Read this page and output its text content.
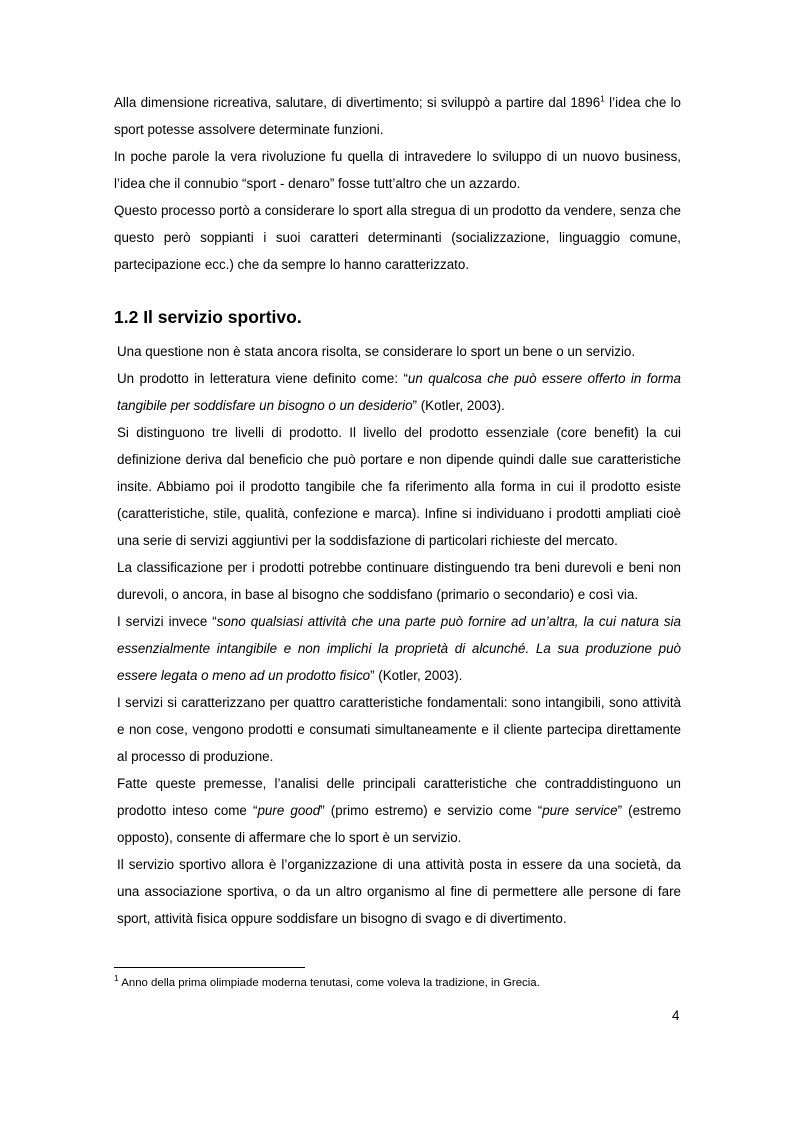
Alla dimensione ricreativa, salutare, di divertimento; si sviluppò a partire dal 1896$^1$ l’idea che lo sport potesse assolvere determinate funzioni.

In poche parole la vera rivoluzione fu quella di intravedere lo sviluppo di un nuovo business, l’idea che il connubio “sport - denaro” fosse tutt’altro che un azzardo.

Questo processo portò a considerare lo sport alla stregua di un prodotto da vendere, senza che questo però soppianti i suoi caratteri determinanti (socializzazione, linguaggio comune, partecipazione ecc.) che da sempre lo hanno caratterizzato.

1.2 Il servizio sportivo.

Una questione non è stata ancora risolta, se considerare lo sport un bene o un servizio.

Un prodotto in letteratura viene definito come: “un qualcosa che può essere offerto in forma tangibile per soddisfare un bisogno o un desiderio” (Kotler, 2003).

Si distinguono tre livelli di prodotto. Il livello del prodotto essenziale (core benefit) la cui definizione deriva dal beneficio che può portare e non dipende quindi dalle sue caratteristiche insite. Abbiamo poi il prodotto tangibile che fa riferimento alla forma in cui il prodotto esiste (caratteristiche, stile, qualità, confezione e marca). Infine si individuano i prodotti ampliati cioè una serie di servizi aggiuntivi per la soddisfazione di particolari richieste del mercato.

La classificazione per i prodotti potrebbe continuare distinguendo tra beni durevoli e beni non durevoli, o ancora, in base al bisogno che soddisfano (primario o secondario) e così via.

I servizi invece “sono qualsiasi attività che una parte può fornire ad un’altra, la cui natura sia essenzialmente intangibile e non implichi la proprietà di alcunché. La sua produzione può essere legata o meno ad un prodotto fisico” (Kotler, 2003).

I servizi si caratterizzano per quattro caratteristiche fondamentali: sono intangibili, sono attività e non cose, vengono prodotti e consumati simultaneamente e il cliente partecipa direttamente al processo di produzione.

Fatte queste premesse, l’analisi delle principali caratteristiche che contraddistinguono un prodotto inteso come “pure good” (primo estremo) e servizio come “pure service” (estremo opposto), consente di affermare che lo sport è un servizio.

Il servizio sportivo allora è l’organizzazione di una attività posta in essere da una società, da una associazione sportiva, o da un altro organismo al fine di permettere alle persone di fare sport, attività fisica oppure soddisfare un bisogno di svago e di divertimento.

$^1$ Anno della prima olimpiade moderna tenutasi, come voleva la tradizione, in Grecia.
4
